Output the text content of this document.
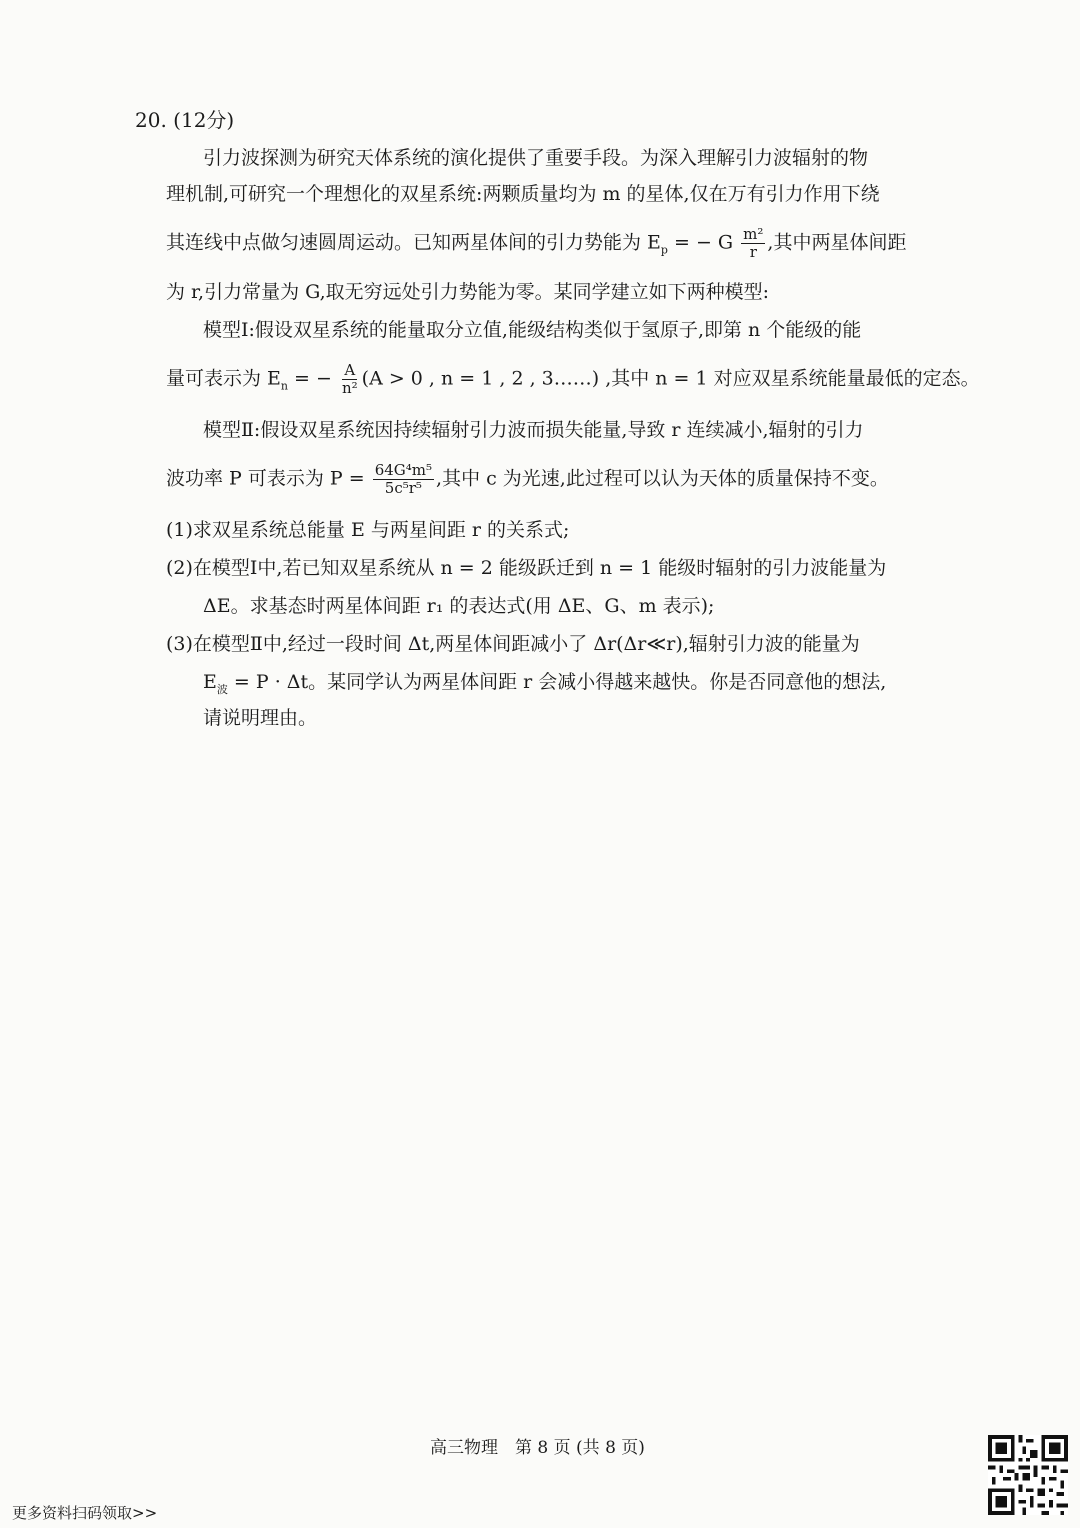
20. (12分)
引力波探测为研究天体系统的演化提供了重要手段。为深入理解引力波辐射的物
理机制,可研究一个理想化的双星系统:两颗质量均为 m 的星体,仅在万有引力作用下绕
其连线中点做匀速圆周运动。已知两星体间的引力势能为 $E_p$ = − G $\frac{\text{m²}}{r}$ ,其中两星体间距
为 r,引力常量为 G,取无穷远处引力势能为零。某同学建立如下两种模型:
模型Ⅰ:假设双星系统的能量取分立值,能级结构类似于氢原子,即第 n 个能级的能
量可表示为 $E_n$ = − $\frac{A}{\text{n²}} (A > 0$ , n = 1 , 2 , 3……) ,其中 n = 1 对应双星系统能量最低的定态。
模型Ⅱ:假设双星系统因持续辐射引力波而损失能量,导致 r 连续减小,辐射的引力
波功率 P 可表示为 $P = \frac{\text{64G⁴m⁵}}{\text{5c⁵r⁵}}$ ,其中 c 为光速,此过程可以认为天体的质量保持不变。
(1)求双星系统总能量 E 与两星间距 r 的关系式;
(2)在模型Ⅰ中,若已知双星系统从 n = 2 能级跃迁到 n = 1 能级时辐射的引力波能量为
ΔE。求基态时两星体间距 r₁ 的表达式(用 ΔE、G、m 表示);
(3)在模型Ⅱ中,经过一段时间 Δt,两星体间距减小了 Δr(Δr≪r),辐射引力波的能量为
$E_波 = P \cdot \Delta t$。某同学认为两星体间距 r 会减小得越来越快。你是否同意他的想法,
请说明理由。
高三物理　第 8 页 (共 8 页)
更多资料扫码领取>>
